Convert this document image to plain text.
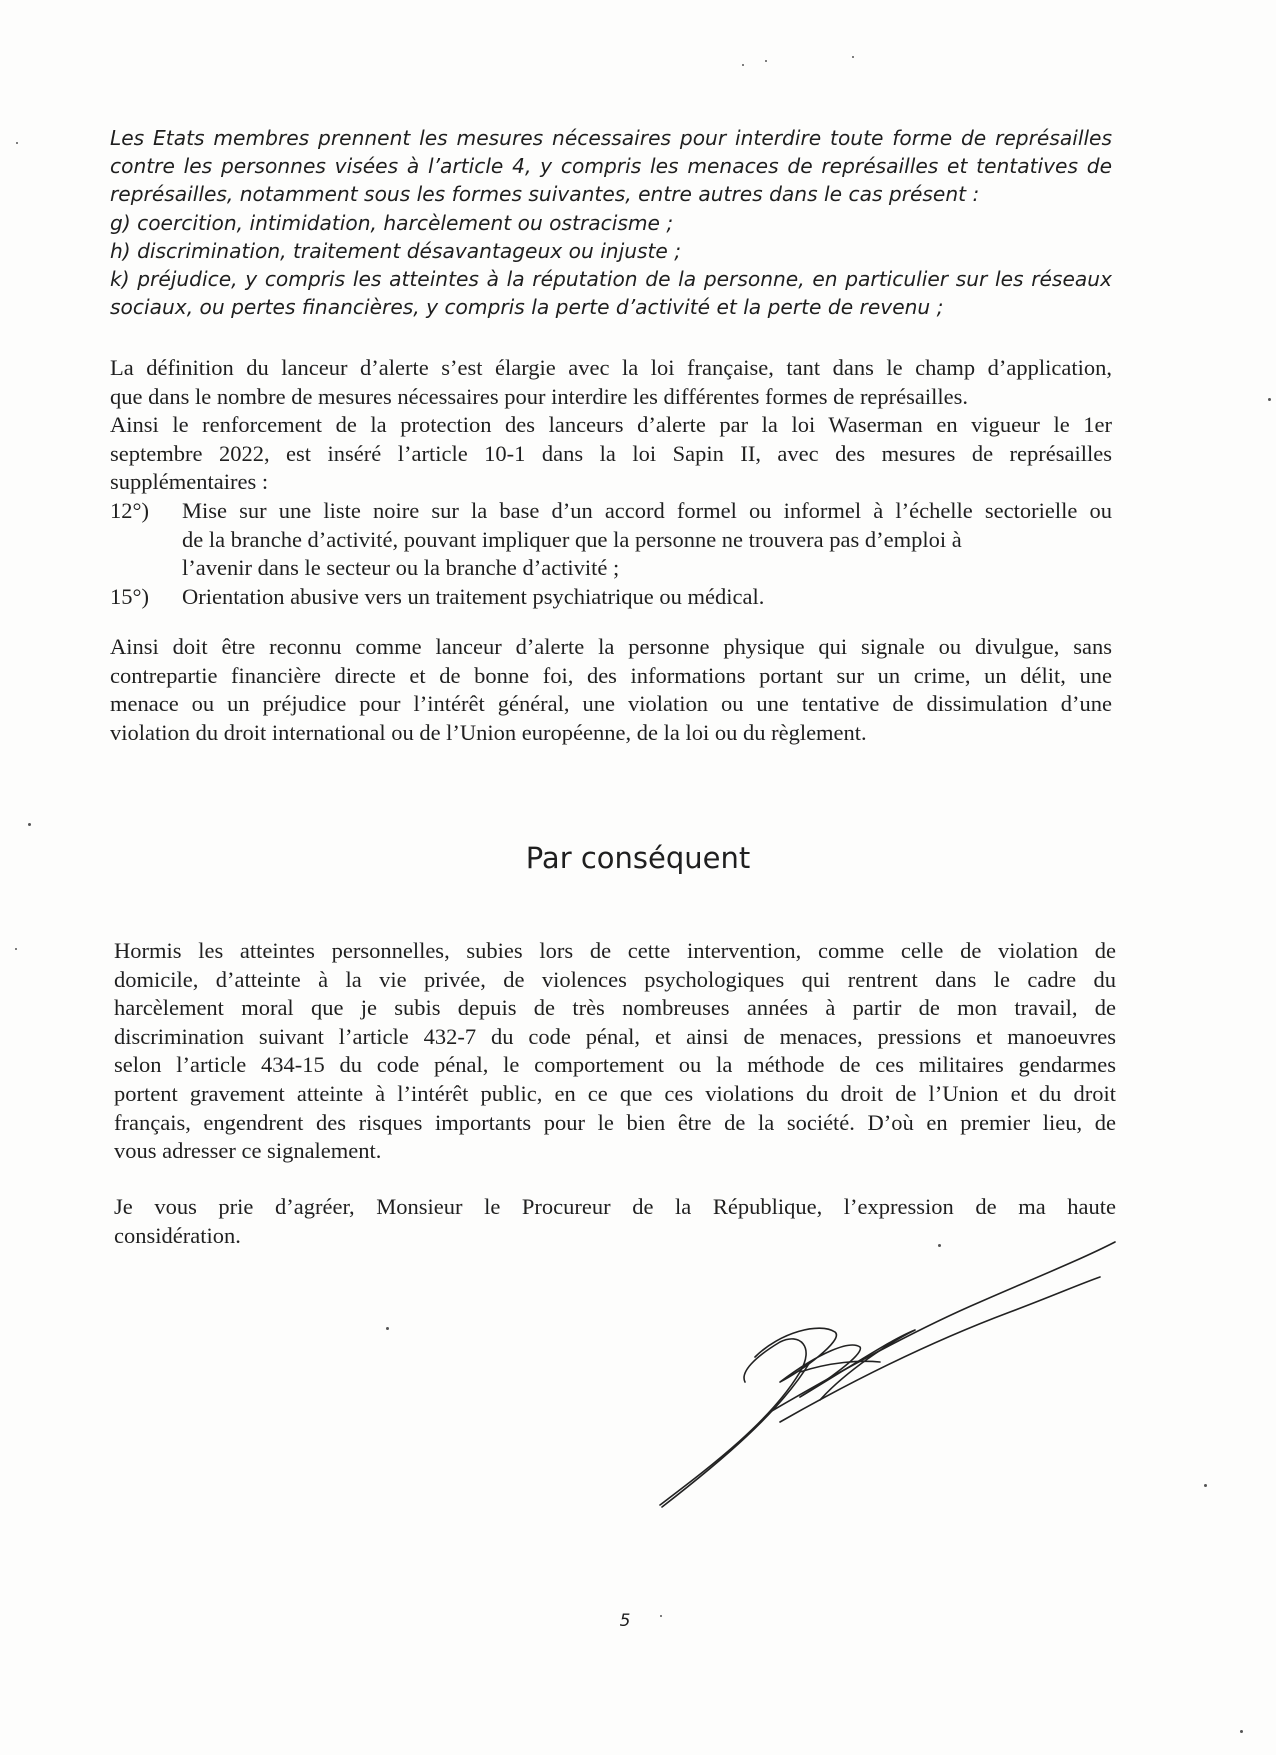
Les Etats membres prennent les mesures nécessaires pour interdire toute forme de représailles
contre les personnes visées à l’article 4, y compris les menaces de représailles et tentatives de
représailles, notamment sous les formes suivantes, entre autres dans le cas présent :
g) coercition, intimidation, harcèlement ou ostracisme ;
h) discrimination, traitement désavantageux ou injuste ;
k) préjudice, y compris les atteintes à la réputation de la personne, en particulier sur les réseaux
sociaux, ou pertes financières, y compris la perte d’activité et la perte de revenu ;
La définition du lanceur d’alerte s’est élargie avec la loi française, tant dans le champ d’application,
que dans le nombre de mesures nécessaires pour interdire les différentes formes de représailles.
Ainsi le renforcement de la protection des lanceurs d’alerte par la loi Waserman en vigueur le 1er
septembre 2022, est inséré l’article 10-1 dans la loi Sapin II, avec des mesures de représailles
supplémentaires :
12°)	Mise sur une liste noire sur la base d’un accord formel ou informel à l’échelle sectorielle ou
de la branche d’activité, pouvant impliquer que la personne ne trouvera pas d’emploi à
l’avenir dans le secteur ou la branche d’activité ;
15°)	Orientation abusive vers un traitement psychiatrique ou médical.
Ainsi doit être reconnu comme lanceur d’alerte la personne physique qui signale ou divulgue, sans
contrepartie financière directe et de bonne foi, des informations portant sur un crime, un délit, une
menace ou un préjudice pour l’intérêt général, une violation ou une tentative de dissimulation d’une
violation du droit international ou de l’Union européenne, de la loi ou du règlement.
Par conséquent
Hormis les atteintes personnelles, subies lors de cette intervention, comme celle de violation de
domicile, d’atteinte à la vie privée, de violences psychologiques qui rentrent dans le cadre du
harcèlement moral que je subis depuis de très nombreuses années à partir de mon travail, de
discrimination suivant l’article 432-7 du code pénal, et ainsi de menaces, pressions et manoeuvres
selon l’article 434-15 du code pénal, le comportement ou la méthode de ces militaires gendarmes
portent gravement atteinte à l’intérêt public, en ce que ces violations du droit de l’Union et du droit
français, engendrent des risques importants pour le bien être de la société. D’où en premier lieu, de
vous adresser ce signalement.
Je vous prie d’agréer, Monsieur le Procureur de la République, l’expression de ma haute
considération.
5
